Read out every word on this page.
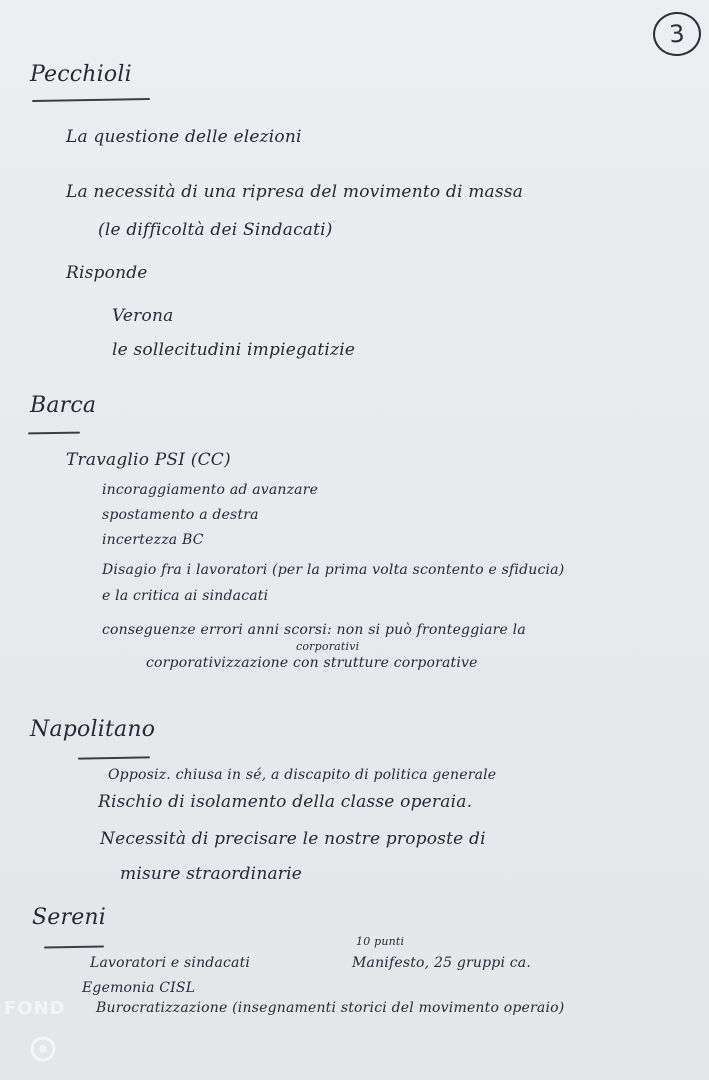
3
Pecchioli
La questione delle elezioni
La necessità di una ripresa del movimento di massa
(le difficoltà dei Sindacati)
Risponde
Verona
le sollecitudini impiegatizie
Barca
Travaglio PSI (CC)
incoraggiamento ad avanzare
spostamento a destra
incertezza BC
Disagio fra i lavoratori (per la prima volta scontento e sfiducia)
e la critica ai sindacati
conseguenze errori anni scorsi: non si può fronteggiare la
corporativi
corporativizzazione con strutture corporative
Napolitano
Opposiz. chiusa in sé, a discapito di politica generale
Rischio di isolamento della classe operaia.
Necessità di precisare le nostre proposte di
misure straordinarie
Sereni
10 punti
Lavoratori e sindacati	Manifesto, 25 gruppi ca.
Egemonia CISL
Burocratizzazione (insegnamenti storici del movimento operaio)
FOND
